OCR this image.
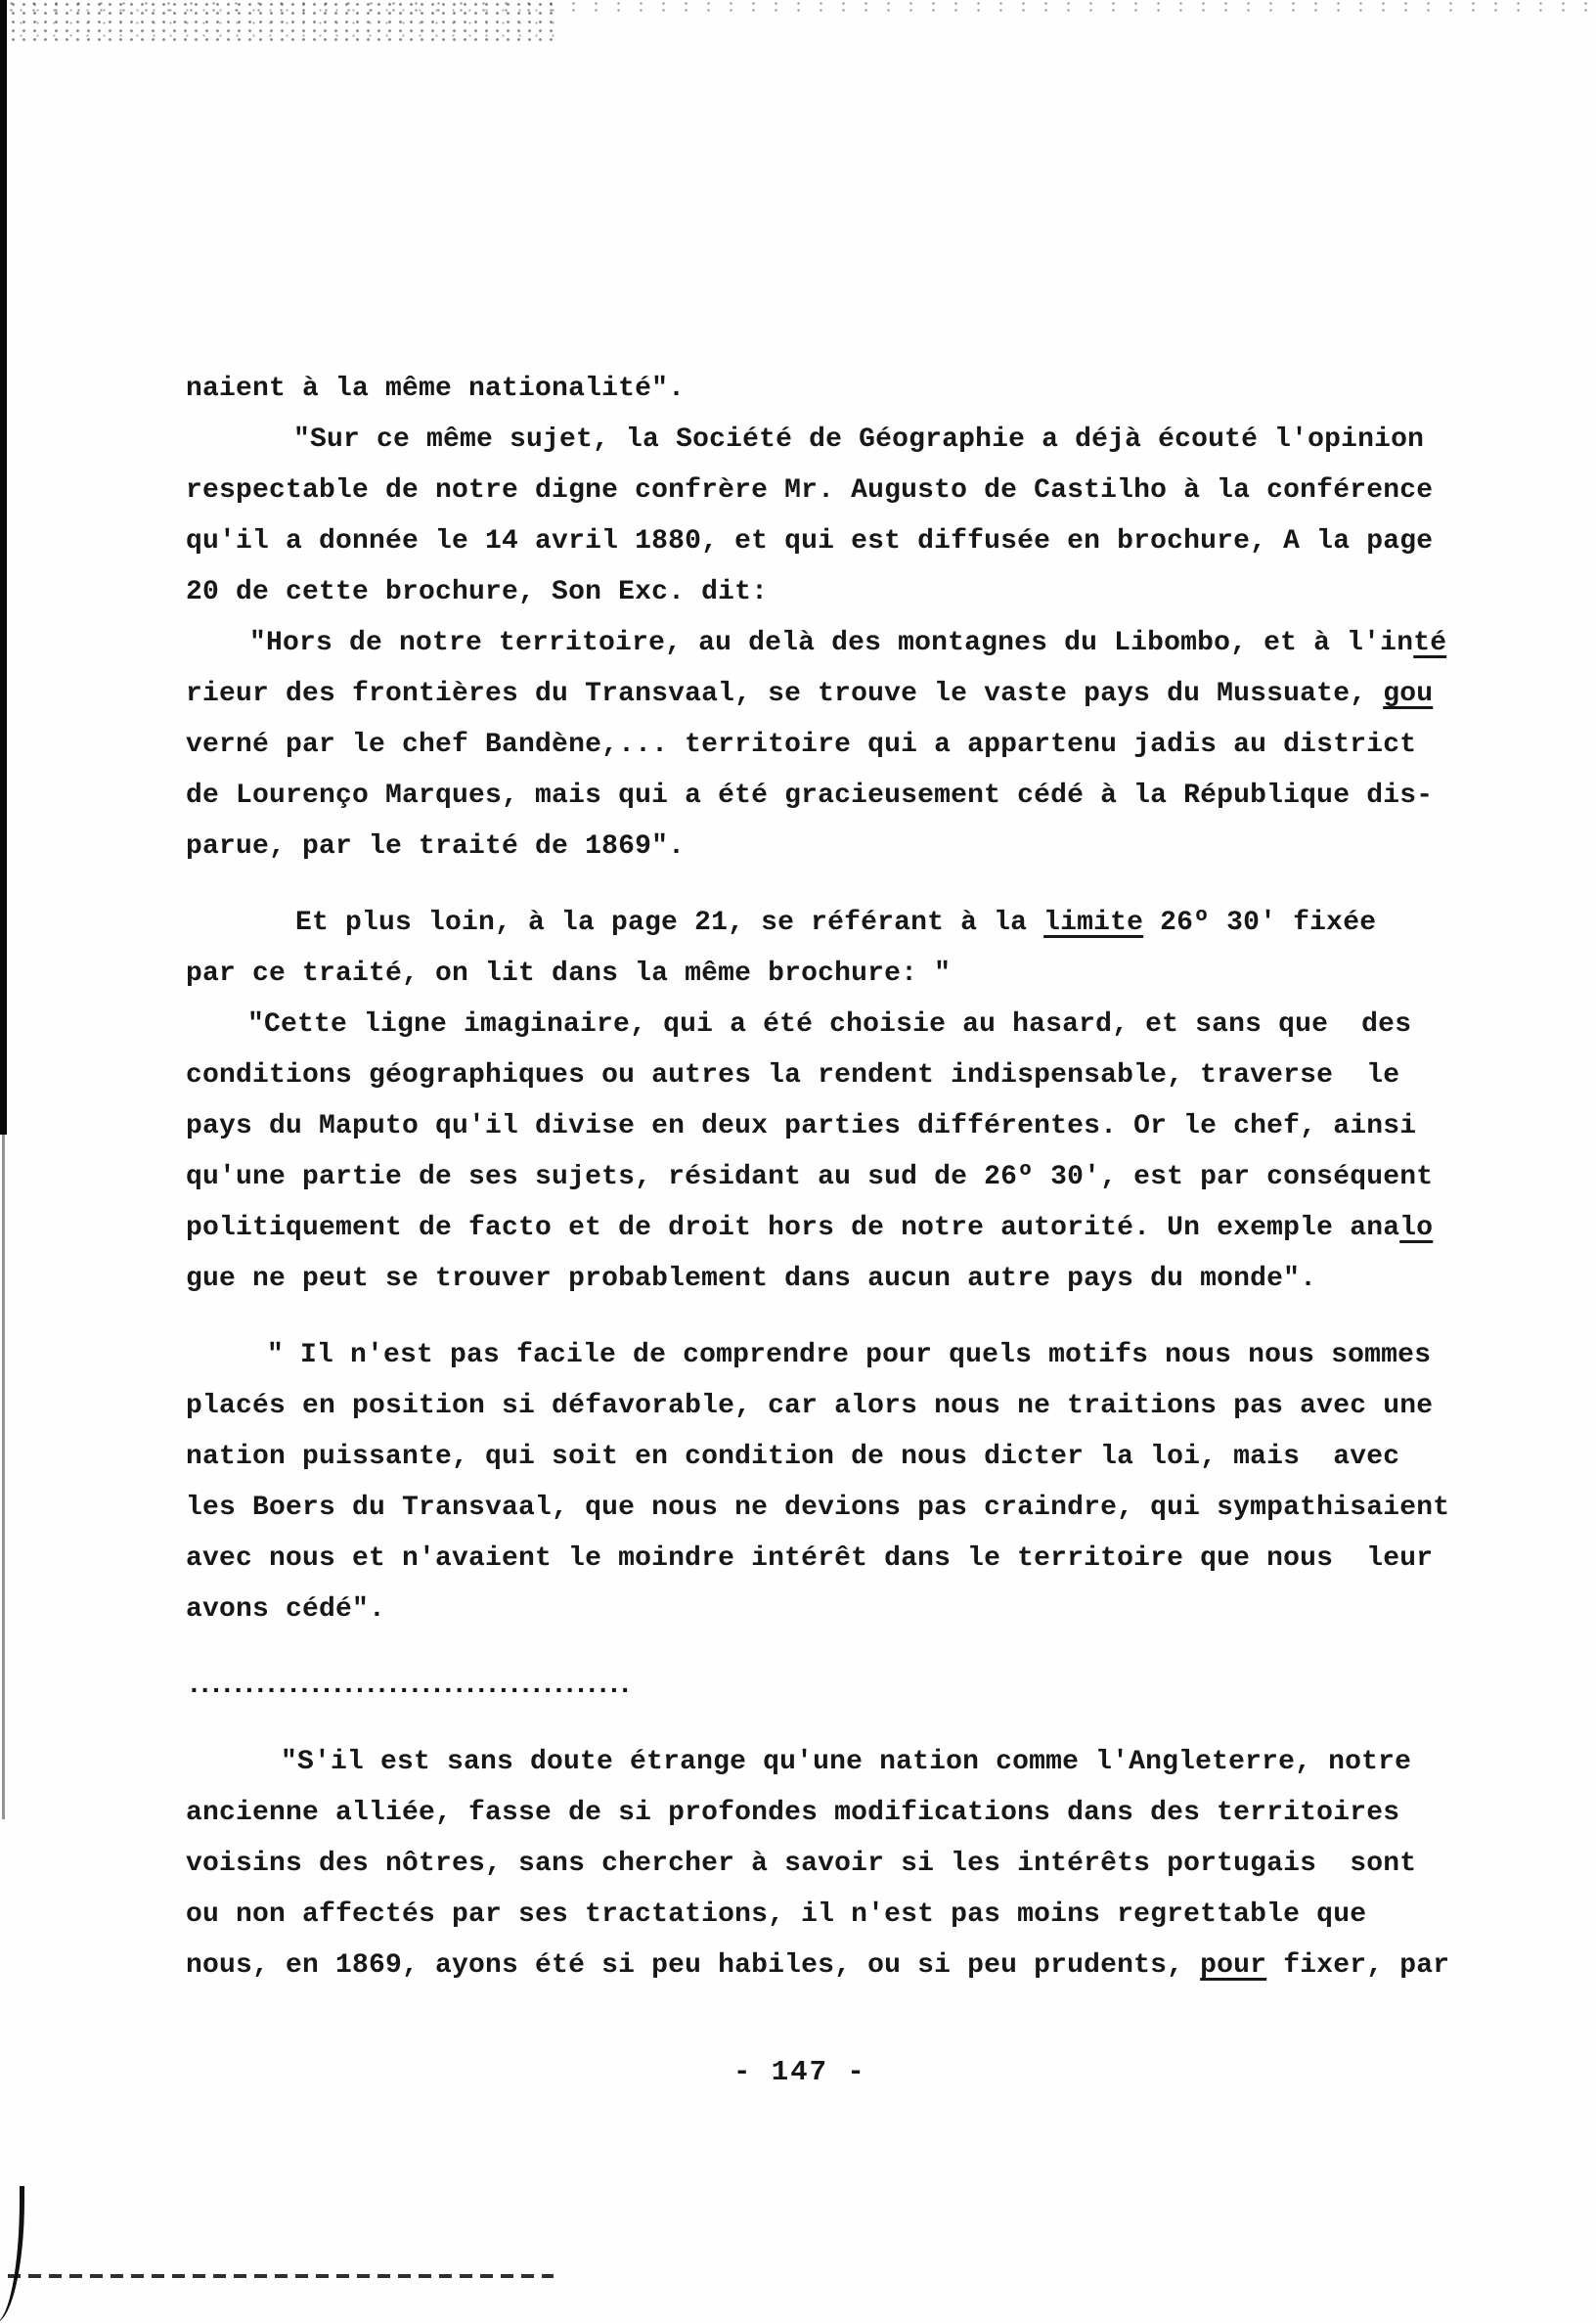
naient à la même nationalité".
"Sur ce même sujet, la Société de Géographie a déjà écouté l'opinion
respectable de notre digne confrère Mr. Augusto de Castilho à la conférence
qu'il a donnée le 14 avril 1880, et qui est diffusée en brochure, A la page
20 de cette brochure, Son Exc. dit:
"Hors de notre territoire, au delà des montagnes du Libombo, et à l'inté
rieur des frontières du Transvaal, se trouve le vaste pays du Mussuate, gou
verné par le chef Bandène,... territoire qui a appartenu jadis au district
de Lourenço Marques, mais qui a été gracieusement cédé à la République dis-
parue, par le traité de 1869".
Et plus loin, à la page 21, se référant à la limite 26º 30' fixée
par ce traité, on lit dans la même brochure: "
"Cette ligne imaginaire, qui a été choisie au hasard, et sans que  des
conditions géographiques ou autres la rendent indispensable, traverse  le
pays du Maputo qu'il divise en deux parties différentes. Or le chef, ainsi
qu'une partie de ses sujets, résidant au sud de 26º 30', est par conséquent
politiquement de facto et de droit hors de notre autorité. Un exemple analo
gue ne peut se trouver probablement dans aucun autre pays du monde".
" Il n'est pas facile de comprendre pour quels motifs nous nous sommes
placés en position si défavorable, car alors nous ne traitions pas avec une
nation puissante, qui soit en condition de nous dicter la loi, mais  avec
les Boers du Transvaal, que nous ne devions pas craindre, qui sympathisaient
avec nous et n'avaient le moindre intérêt dans le territoire que nous  leur
avons cédé".
........................................
"S'il est sans doute étrange qu'une nation comme l'Angleterre, notre
ancienne alliée, fasse de si profondes modifications dans des territoires
voisins des nôtres, sans chercher à savoir si les intérêts portugais  sont
ou non affectés par ses tractations, il n'est pas moins regrettable que
nous, en 1869, ayons été si peu habiles, ou si peu prudents, pour fixer, par
- 147 -
